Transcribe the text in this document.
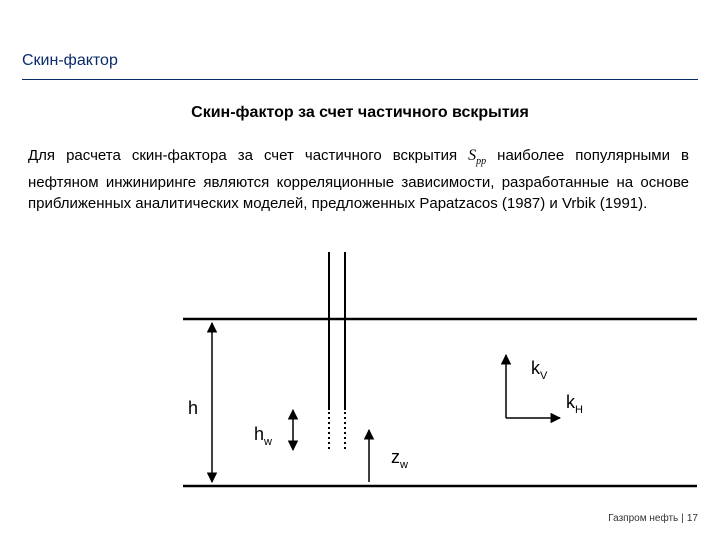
Скин-фактор
Скин-фактор за счет частичного вскрытия
Для расчета скин-фактора за счет частичного вскрытия $S_{pp}$ наиболее популярными в нефтяном инжиниринге являются корреляционные зависимости, разработанные на основе приближенных аналитических моделей, предложенных Papatzacos (1987) и Vrbik (1991).
h
$h_w$
$z_w$
$k_V$
$k_H$
Газпром нефть | 17
